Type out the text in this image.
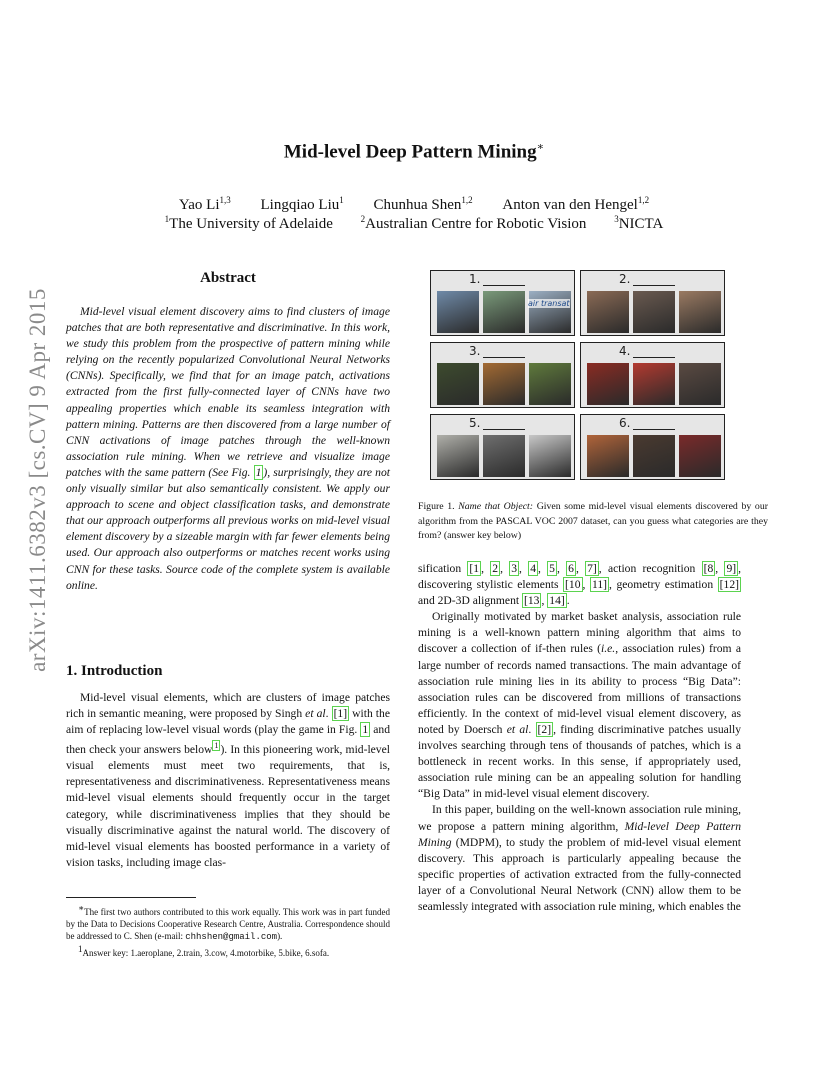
arXiv:1411.6382v3 [cs.CV] 9 Apr 2015
Mid-level Deep Pattern Mining∗
Yao Li$^{1,3}$ Lingqiao Liu$^1$ Chunhua Shen$^{1,2}$ Anton van den Hengel$^{1,2}$
$^1$The University of Adelaide	$^2$Australian Centre for Robotic Vision	$^3$NICTA
Abstract
Mid-level visual element discovery aims to find clusters of image patches that are both representative and discriminative. In this work, we study this problem from the prospective of pattern mining while relying on the recently popularized Convolutional Neural Networks (CNNs). Specifically, we find that for an image patch, activations extracted from the first fully-connected layer of CNNs have two appealing properties which enable its seamless integration with pattern mining. Patterns are then discovered from a large number of CNN activations of image patches through the well-known association rule mining. When we retrieve and visualize image patches with the same pattern (See Fig. 1 ), surprisingly, they are not only visually similar but also semantically consistent. We apply our approach to scene and object classification tasks, and demonstrate that our approach outperforms all previous works on mid-level visual element discovery by a sizeable margin with far fewer elements being used. Our approach also outperforms or matches recent works using CNN for these tasks. Source code of the complete system is available online.
1. Introduction
Mid-level visual elements, which are clusters of image patches rich in semantic meaning, were proposed by Singh et al. [1] with the aim of replacing low-level visual words (play the game in Fig. 1 and then check your answers below $^1$ ). In this pioneering work, mid-level visual elements must meet two requirements, that is, representativeness and discriminativeness. Representativeness means mid-level visual elements should frequently occur in the target category, while discriminativeness implies that they should be visually discriminative against the natural world. The discovery of mid-level visual elements has boosted performance in a variety of vision tasks, including image clas-

∗The first two authors contributed to this work equally. This work was in part funded by the Data to Decisions Cooperative Research Centre, Australia. Correspondence should be addressed to C. Shen (e-mail: chhshen@gmail.com).

$^1$Answer key: 1.aeroplane, 2.train, 3.cow, 4.motorbike, 5.bike, 6.sofa.

1.
air transat
2.
3.	4.
5.	6.
Figure 1. Name that Object: Given some mid-level visual elements discovered by our algorithm from the PASCAL VOC 2007 dataset, can you guess what categories are they from? (answer key below)

sification [1 , 2 , 3 , 4 , 5 , 6 , 7] , action recognition [8 , 9] , discovering stylistic elements [10 , 11] , geometry estimation [12] and 2D-3D alignment [13 , 14] .

Originally motivated by market basket analysis, association rule mining is a well-known pattern mining algorithm that aims to discover a collection of if-then rules (i.e., association rules) from a large number of records named transactions. The main advantage of association rule mining lies in its ability to process “Big Data”: association rules can be discovered from millions of transactions efficiently. In the context of mid-level visual element discovery, as noted by Doersch et al. [2] , finding discriminative patches usually involves searching through tens of thousands of patches, which is a bottleneck in recent works. In this sense, if appropriately used, association rule mining can be an appealing solution for handling “Big Data” in mid-level visual element discovery.

In this paper, building on the well-known association rule mining, we propose a pattern mining algorithm, Mid-level Deep Pattern Mining (MDPM), to study the problem of mid-level visual element discovery. This approach is particularly appealing because the specific properties of activation extracted from the fully-connected layer of a Convolutional Neural Network (CNN) allow them to be seamlessly integrated with association rule mining, which enables the
